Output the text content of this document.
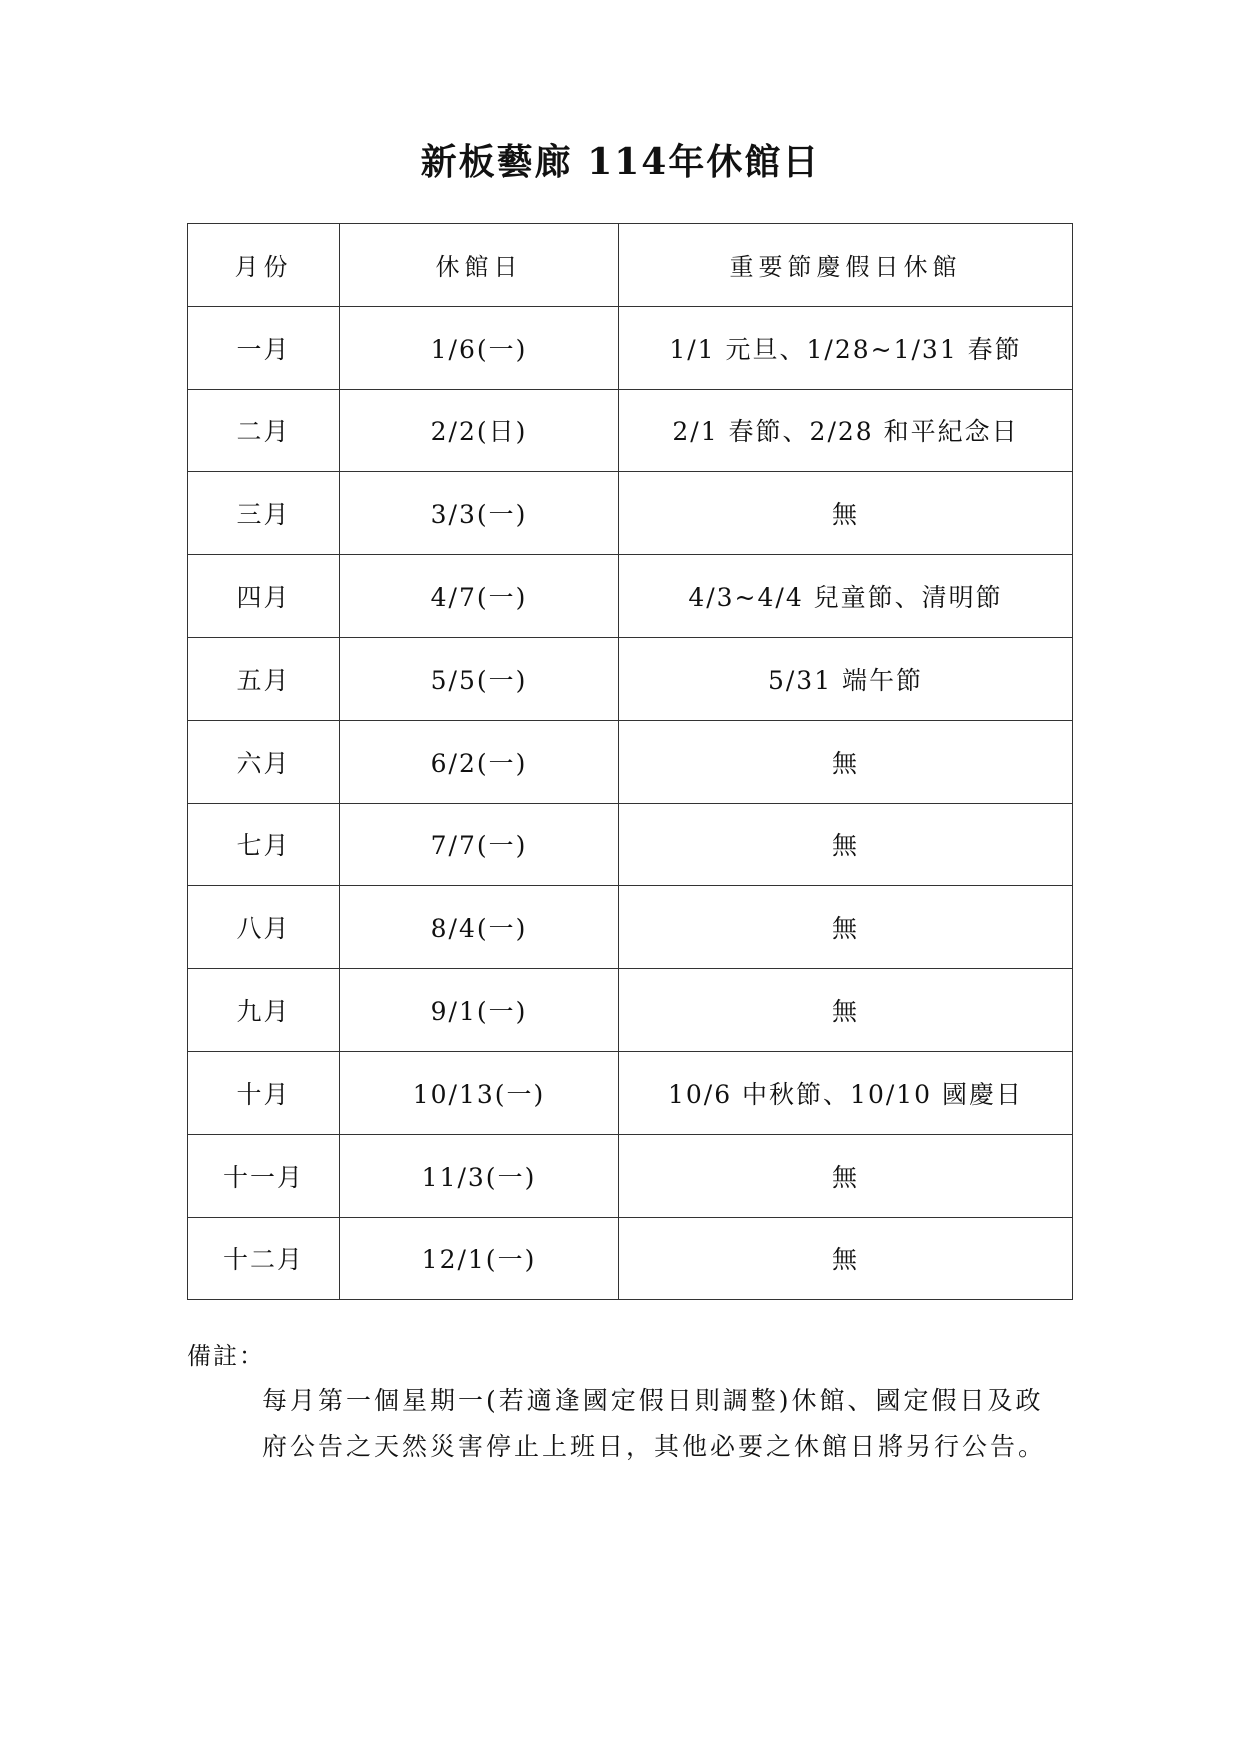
新板藝廊 114年休館日
月份	休館日	重要節慶假日休館
一月	1/6(一)	1/1 元旦、1/28~1/31 春節
二月	2/2(日)	2/1 春節、2/28 和平紀念日
三月	3/3(一)	無
四月	4/7(一)	4/3~4/4 兒童節、清明節
五月	5/5(一)	5/31 端午節
六月	6/2(一)	無
七月	7/7(一)	無
八月	8/4(一)	無
九月	9/1(一)	無
十月	10/13(一)	10/6 中秋節、10/10 國慶日
十一月	11/3(一)	無
十二月	12/1(一)	無
備註：
每月第一個星期一(若適逢國定假日則調整)休館、國定假日及政府公告之天然災害停止上班日，其他必要之休館日將另行公告。
